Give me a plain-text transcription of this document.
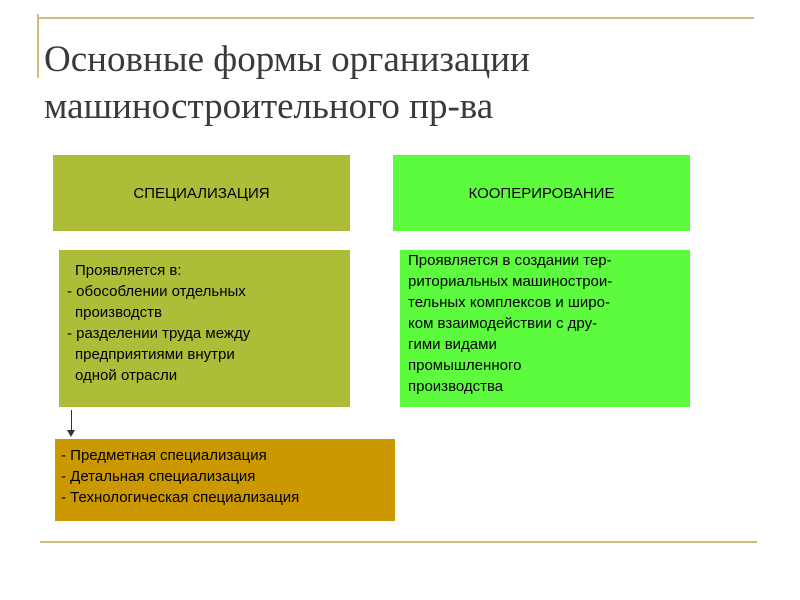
Основные формы организации
машиностроительного пр-ва
СПЕЦИАЛИЗАЦИЯ	КООПЕРИРОВАНИЕ
Проявляется в:
- обособлении отдельных
производств
- разделении труда между
предприятиями внутри
одной отрасли
Проявляется в создании тер-
риториальных машинострои-
тельных комплексов и широ-
ком взаимодействии с дру-
гими видами
промышленного
производства
- Предметная специализация
- Детальная специализация
- Технологическая специализация
